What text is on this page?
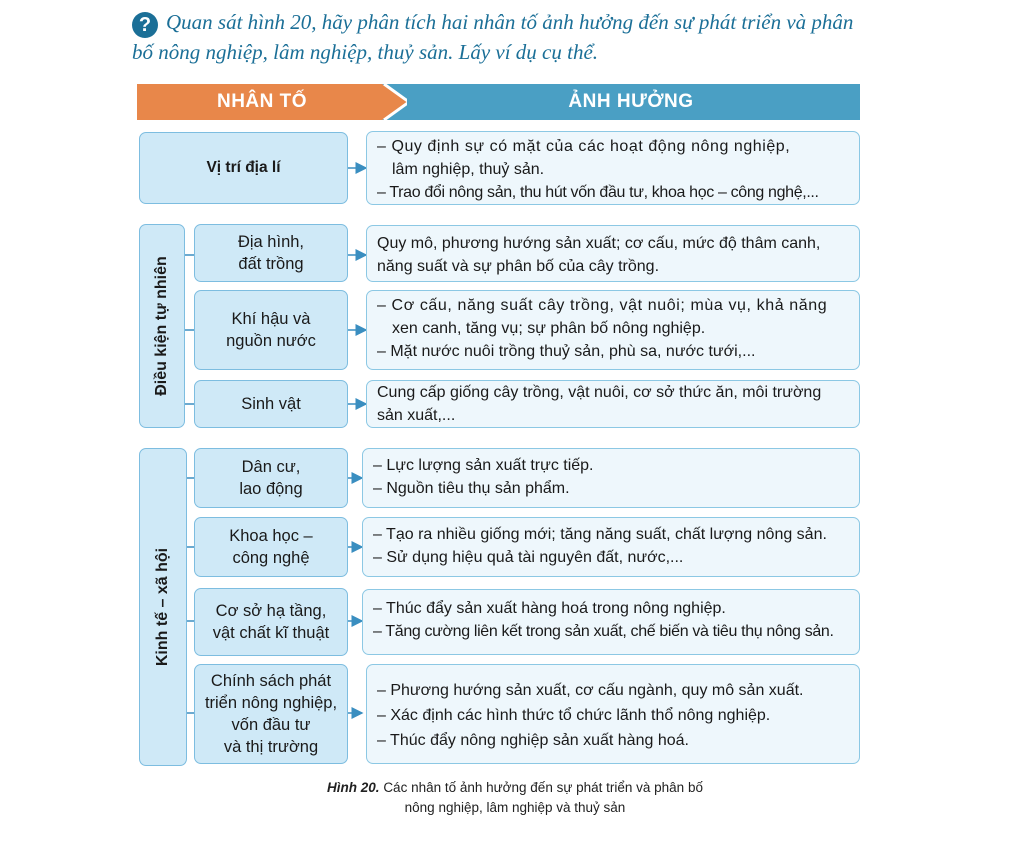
? Quan sát hình 20, hãy phân tích hai nhân tố ảnh hưởng đến sự phát triển và phân bố nông nghiệp, lâm nghiệp, thuỷ sản. Lấy ví dụ cụ thể.
ẢNH HƯỞNG
NHÂN TỐ
Vị trí địa lí
– Quy định sự có mặt của các hoạt động nông nghiệp,
lâm nghiệp, thuỷ sản.
– Trao đổi nông sản, thu hút vốn đầu tư, khoa học – công nghệ,...
Điều kiện tự nhiên
Địa hình,
đất trồng
Quy mô, phương hướng sản xuất; cơ cấu, mức độ thâm canh,
năng suất và sự phân bố của cây trồng.
Khí hậu và
nguồn nước
– Cơ cấu, năng suất cây trồng, vật nuôi; mùa vụ, khả năng
xen canh, tăng vụ; sự phân bố nông nghiệp.
– Mặt nước nuôi trồng thuỷ sản, phù sa, nước tưới,...
Sinh vật
Cung cấp giống cây trồng, vật nuôi, cơ sở thức ăn, môi trường
sản xuất,...
Kinh tế – xã hội
Dân cư,
lao động
– Lực lượng sản xuất trực tiếp.
– Nguồn tiêu thụ sản phẩm.
Khoa học –
công nghệ
– Tạo ra nhiều giống mới; tăng năng suất, chất lượng nông sản.
– Sử dụng hiệu quả tài nguyên đất, nước,...
Cơ sở hạ tầng,
vật chất kĩ thuật
– Thúc đẩy sản xuất hàng hoá trong nông nghiệp.
– Tăng cường liên kết trong sản xuất, chế biến và tiêu thụ nông sản.
Chính sách phát
triển nông nghiệp,
vốn đầu tư
và thị trường
– Phương hướng sản xuất, cơ cấu ngành, quy mô sản xuất.
– Xác định các hình thức tổ chức lãnh thổ nông nghiệp.
– Thúc đẩy nông nghiệp sản xuất hàng hoá.
Hình 20. Các nhân tố ảnh hưởng đến sự phát triển và phân bố
nông nghiệp, lâm nghiệp và thuỷ sản
